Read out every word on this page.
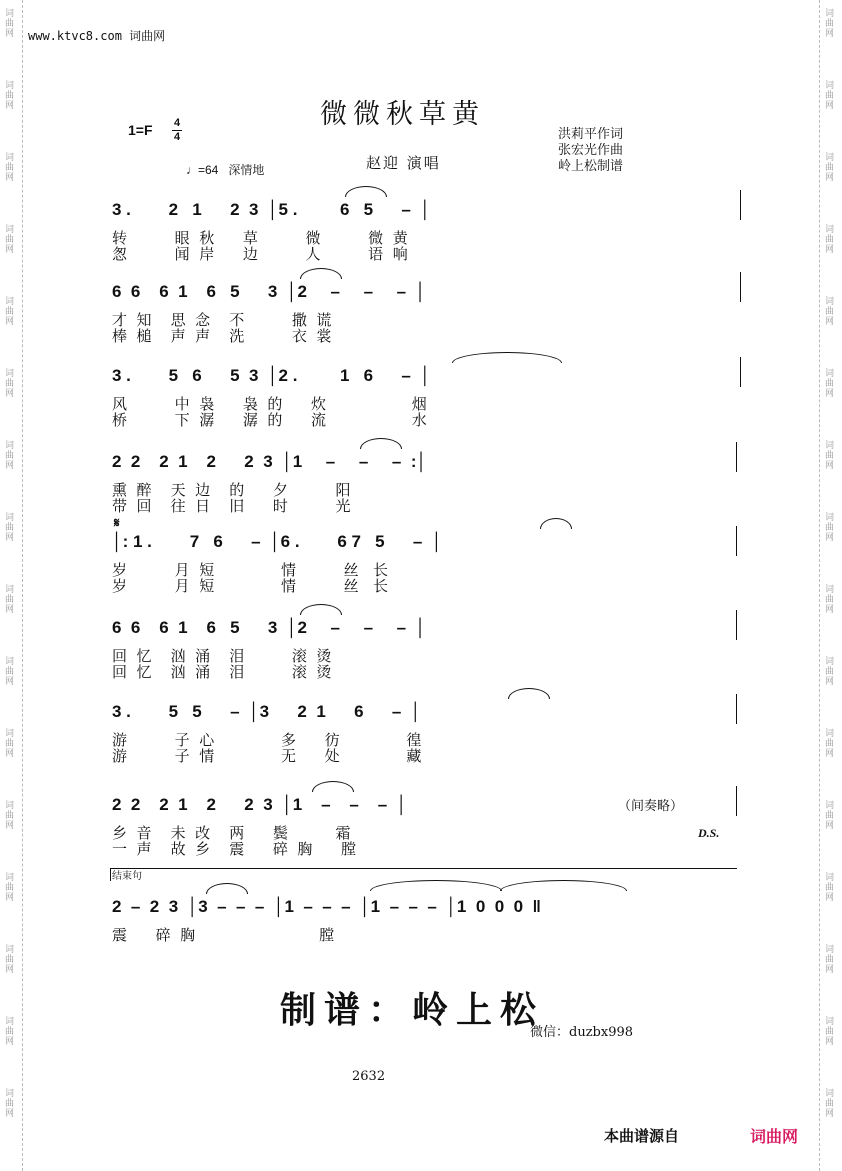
词曲网	词曲网
词曲网	词曲网
词曲网	词曲网
词曲网	词曲网
词曲网	词曲网
词曲网	词曲网
词曲网	词曲网
词曲网	词曲网
词曲网	词曲网
词曲网	词曲网
词曲网	词曲网
词曲网	词曲网
词曲网	词曲网
词曲网	词曲网
词曲网	词曲网
词曲网	词曲网
www.ktvc8.com 词曲网
微微秋草黄
1=F 4
4
♩=64 深情地	赵迎 演唱
洪莉平作词
张宏光作曲
岭上松制谱
3 .        2   1      2  3  │5 .         6   5      –  │
转          眼  秋      草          微          微  黄
怱          闻  岸      边          人          语  响
6  6    6  1    6   5      3  │2     –     –     –  │
才  知    思  念    不          撒  谎
棒  槌    声  声    洗          衣  裳
3 .        5   6      5  3  │2 .         1   6      –  │
风          中  袅      袅  的      炊                  烟
桥          下  潺      潺  的      流                  水
2  2    2  1    2      2  3  │1     –     –     –  :│
熏  醉    天  边    的      夕          阳
带  回    往  日    旧      时          光
│: 1 .        7   6      –  │6 .        6 7   5      –  │
岁          月  短              情          丝   长
岁          月  短              情          丝   长
6  6    6  1    6   5      3  │2     –     –     –  │
回  忆    汹  涌    泪          滚  烫
回  忆    汹  涌    泪          滚  烫
3 .        5   5      –  │3      2  1      6      –  │
游          子  心              多      彷              徨
游          子  情              无      处              藏
2  2    2  1    2      2  3  │1    –    –    –  │
乡  音    未  改    两      鬓          霜
一  声    故  乡    震      碎  胸      膛
2  –  2  3  │3  –  –  –  │1  –  –  –  │1  –  –  –  │1  0  0  0  ‖
震      碎  胸                          膛
𝄋
（间奏略）
D.S.
结束句
制谱：岭上松
微信：duzbx998
2632
本曲谱源自	词曲网
